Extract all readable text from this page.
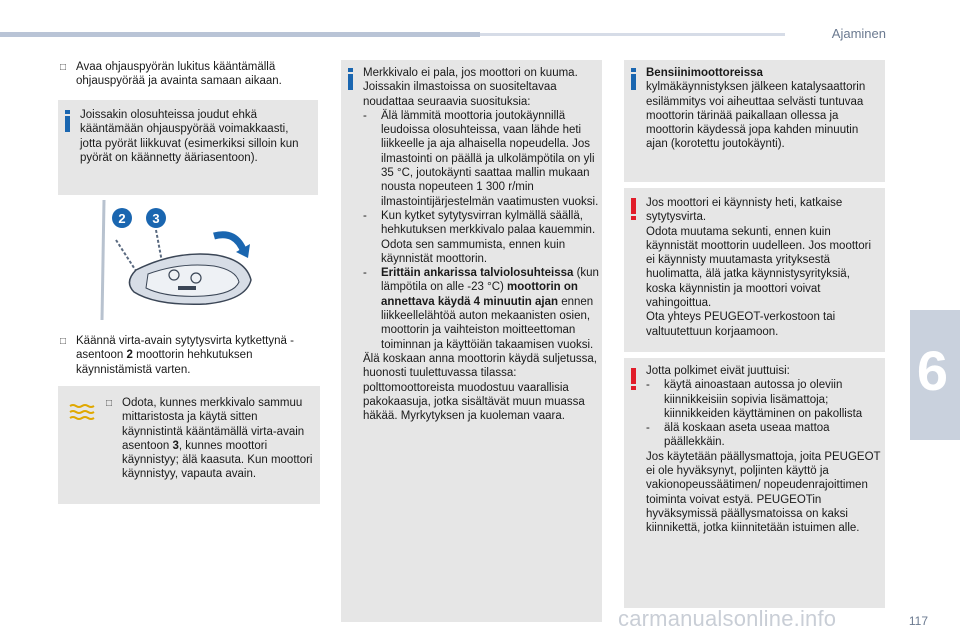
Ajaminen
6
□ Avaa ohjauspyörän lukitus kääntämällä ohjauspyörää ja avainta samaan aikaan.
Joissakin olosuhteissa joudut ehkä kääntämään ohjauspyörää voimakkaasti, jotta pyörät liikkuvat (esimerkiksi silloin kun pyörät on käännetty ääriasentoon).
2 3
□ Käännä virta-avain sytytysvirta kytkettynä -asentoon 2 moottorin hehkutuksen käynnistämistä varten.
□ Odota, kunnes merkkivalo sammuu mittaristosta ja käytä sitten käynnistintä kääntämällä virta-avain asentoon 3, kunnes moottori käynnistyy; älä kaasuta. Kun moottori käynnistyy, vapauta avain.
Merkkivalo ei pala, jos moottori on kuuma. Joissakin ilmastoissa on suositeltavaa noudattaa seuraavia suosituksia:
-	Älä lämmitä moottoria joutokäynnillä leudoissa olosuhteissa, vaan lähde heti liikkeelle ja aja alhaisella nopeudella. Jos ilmastointi on päällä ja ulkolämpötila on yli 35 °C, joutokäynti saattaa mallin mukaan nousta nopeuteen 1 300 r/min ilmastointijärjestelmän vaatimusten vuoksi.
-	Kun kytket sytytysvirran kylmällä säällä, hehkutuksen merkkivalo palaa kauemmin. Odota sen sammumista, ennen kuin käynnistät moottorin.
-	Erittäin ankarissa talviolosuhteissa (kun lämpötila on alle -23 °C) moottorin on annettava käydä 4 minuutin ajan ennen liikkeellelähtöä auton mekaanisten osien, moottorin ja vaihteiston moitteettoman toiminnan ja käyttöiän takaamisen vuoksi.
Älä koskaan anna moottorin käydä suljetussa, huonosti tuulettuvassa tilassa: polttomoottoreista muodostuu vaarallisia pakokaasuja, jotka sisältävät muun muassa häkää. Myrkytyksen ja kuoleman vaara.
Bensiinimoottoreissa
kylmäkäynnistyksen jälkeen katalysaattorin esilämmitys voi aiheuttaa selvästi tuntuvaa moottorin tärinää paikallaan ollessa ja moottorin käydessä jopa kahden minuutin ajan (korotettu joutokäynti).
Jos moottori ei käynnisty heti, katkaise sytytysvirta.
Odota muutama sekunti, ennen kuin käynnistät moottorin uudelleen. Jos moottori ei käynnisty muutamasta yrityksestä huolimatta, älä jatka käynnistysyrityksiä, koska käynnistin ja moottori voivat vahingoittua.
Ota yhteys PEUGEOT-verkostoon tai valtuutettuun korjaamoon.
Jotta polkimet eivät juuttuisi:
-	käytä ainoastaan autossa jo oleviin kiinnikkeisiin sopivia lisämattoja; kiinnikkeiden käyttäminen on pakollista
-	älä koskaan aseta useaa mattoa päällekkäin.
Jos käytetään päällysmattoja, joita PEUGEOT ei ole hyväksynyt, poljinten käyttö ja vakionopeussäätimen/ nopeudenrajoittimen toiminta voivat estyä. PEUGEOTin hyväksymissä päällysmatoissa on kaksi kiinnikettä, jotka kiinnitetään istuimen alle.
carmanualsonline.info	117
